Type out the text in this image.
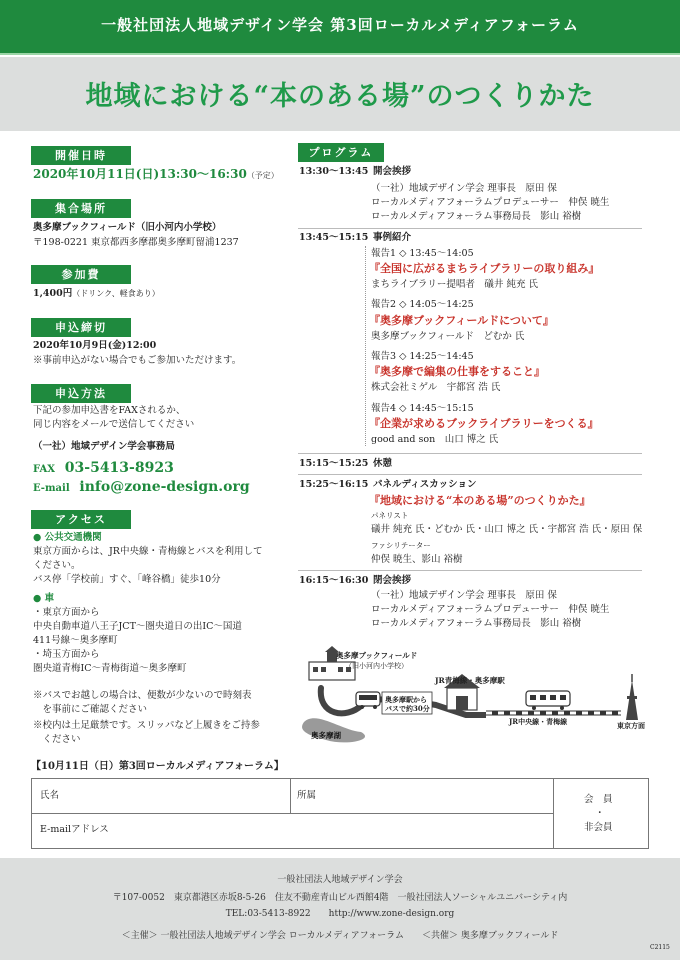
一般社団法人地域デザイン学会 第3回ローカルメディアフォーラム
地域における“本のある場”のつくりかた
開催日時
2020年10月11日(日)13:30～16:30（予定）
集合場所
奥多摩ブックフィールド（旧小河内小学校）
〒198-0221 東京都西多摩郡奥多摩町留浦1237
参加費
1,400円（ドリンク、軽食あり）
申込締切
2020年10月9日(金)12:00
※事前申込がない場合でもご参加いただけます。
申込方法
下記の参加申込書をFAXされるか、
同じ内容をメールで送信してください
（一社）地域デザイン学会事務局
FAX 03-5413-8923
E-mail info@zone-design.org
アクセス
● 公共交通機関
東京方面からは、JR中央線・青梅線とバスを利用して
ください。
バス停「学校前」すぐ、「峰谷橋」徒歩10分
● 車
・東京方面から
中央自動車道八王子JCT～圏央道日の出IC～国道
411号線～奥多摩町
・埼玉方面から
圏央道青梅IC～青梅街道～奥多摩町
※バスでお越しの場合は、便数が少ないので時刻表
　を事前にご確認ください
※校内は土足厳禁です。スリッパなど上履きをご持参
　ください
プログラム
13:30～13:45 開会挨拶
（一社）地域デザイン学会 理事長　原田 保
ローカルメディアフォーラムプロデューサー　仲俣 暁生
ローカルメディアフォーラム事務局長　影山 裕樹
13:45～15:15 事例紹介
報告1 ◇ 13:45～14:05
『全国に広がるまちライブラリーの取り組み』
まちライブラリー提唱者　礒井 純充 氏
報告2 ◇ 14:05～14:25
『奥多摩ブックフィールドについて』
奥多摩ブックフィールド　どむか 氏
報告3 ◇ 14:25～14:45
『奥多摩で編集の仕事をすること』
株式会社ミゲル　宇都宮 浩 氏
報告4 ◇ 14:45～15:15
『企業が求めるブックライブラリーをつくる』
good and son　山口 博之 氏
15:15～15:25 休憩
15:25～16:15 パネルディスカッション
『地域における“本のある場”のつくりかた』
パネリスト
礒井 純充 氏・どむか 氏・山口 博之 氏・宇都宮 浩 氏・原田 保
ファシリテーター
仲俣 暁生、影山 裕樹
16:15～16:30 閉会挨拶
（一社）地域デザイン学会 理事長　原田 保
ローカルメディアフォーラムプロデューサー　仲俣 暁生
ローカルメディアフォーラム事務局長　影山 裕樹
奥多摩ブックフィールド
（旧小河内小学校）
JR青梅線・奥多摩駅
奥多摩駅から
バスで約30分
奥多摩湖
JR中央線・青梅線	東京方面
【10月11日（日）第3回ローカルメディアフォーラム】
氏名	所属
E-mailアドレス
会　員
・
非会員
一般社団法人地域デザイン学会
〒107-0052　東京都港区赤坂8-5-26　住友不動産青山ビル西館4階　一般社団法人ソーシャルユニバーシティ内
TEL:03-5413-8922　　http://www.zone-design.org
＜主催＞ 一般社団法人地域デザイン学会 ローカルメディアフォーラム　　＜共催＞ 奥多摩ブックフィールド
C2115
